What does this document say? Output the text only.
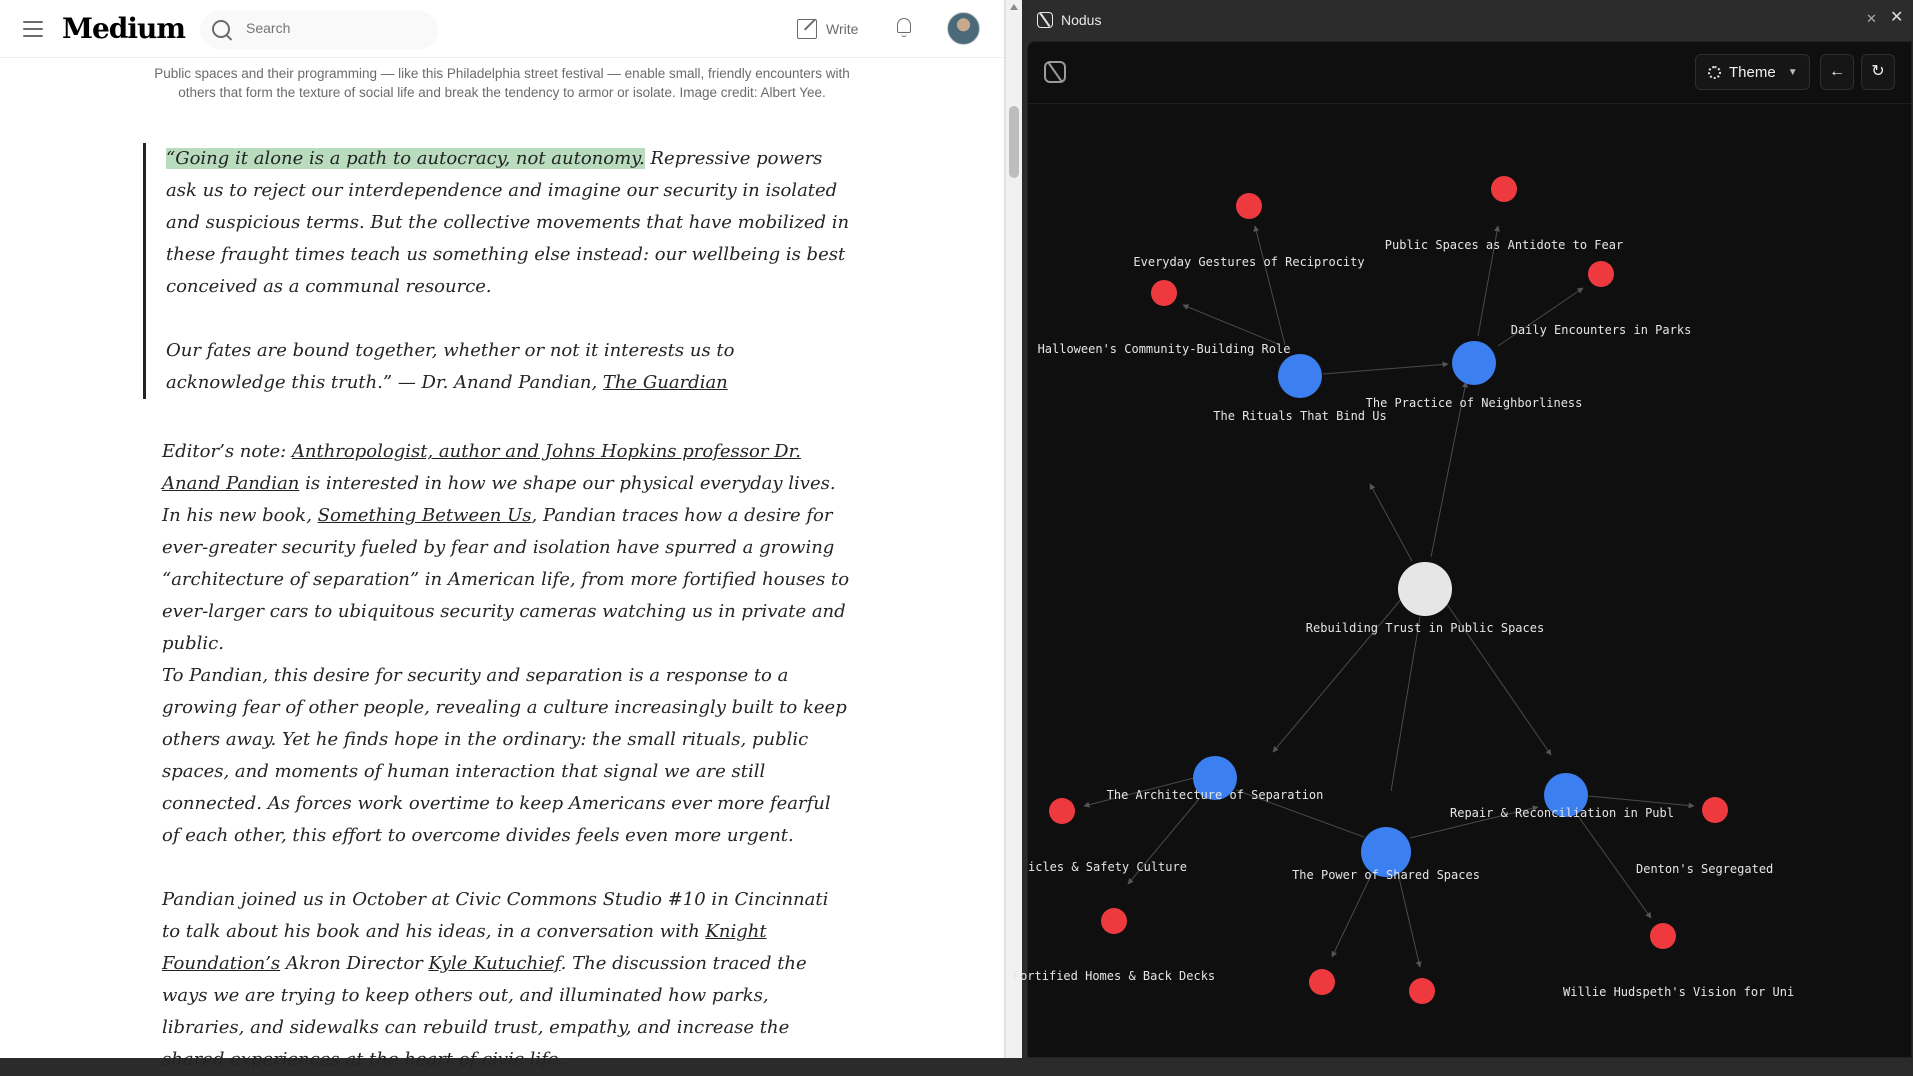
Medium
Search	Write
Public spaces and their programming — like this Philadelphia street festival — enable small, friendly encounters with others that form the texture of social life and break the tendency to armor or isolate. Image credit: Albert Yee.

“Going it alone is a path to autocracy, not autonomy. Repressive powers ask us to reject our interdependence and imagine our security in isolated and suspicious terms. But the collective movements that have mobilized in these fraught times teach us something else instead: our wellbeing is best conceived as a communal resource.

Our fates are bound together, whether or not it interests us to acknowledge this truth.” — Dr. Anand Pandian, The Guardian

Editor’s note: Anthropologist, author and Johns Hopkins professor Dr. Anand Pandian is interested in how we shape our physical everyday lives. In his new book, Something Between Us, Pandian traces how a desire for ever-greater security fueled by fear and isolation have spurred a growing “architecture of separation” in American life, from more fortified houses to ever-larger cars to ubiquitous security cameras watching us in private and public.

To Pandian, this desire for security and separation is a response to a growing fear of other people, revealing a culture increasingly built to keep others away. Yet he finds hope in the ordinary: the small rituals, public spaces, and moments of human interaction that signal we are still connected. As forces work overtime to keep Americans ever more fearful of each other, this effort to overcome divides feels even more urgent.

Pandian joined us in October at Civic Commons Studio #10 in Cincinnati to talk about his book and his ideas, in a conversation with Knight Foundation’s Akron Director Kyle Kutuchief. The discussion traced the ways we are trying to keep others out, and illuminated how parks, libraries, and sidewalks can rebuild trust, empathy, and increase the shared experiences at the heart of civic life.

Nodus	✕ ✕
Rebuilding Trust in Public Spaces
The Rituals That Bind Us
The Practice of Neighborliness
The Architecture of Separation
The Power of Shared Spaces
Repair & Reconciliation in Publ
Everyday Gestures of Reciprocity
Halloween's Community-Building Role
Public Spaces as Antidote to Fear
Daily Encounters in Parks
icles & Safety Culture
Fortified Homes & Back Decks
Denton's Segregated
Willie Hudspeth's Vision for Uni
Theme ▼	←	↻
